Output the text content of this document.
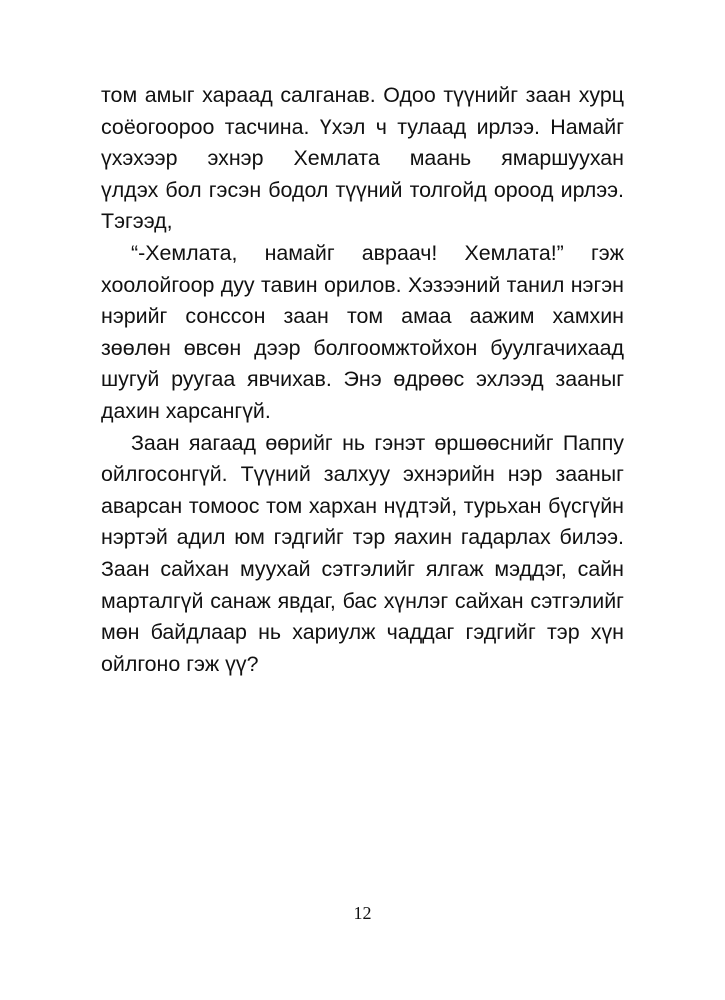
том амыг хараад салганав. Одоо түүнийг заан хурц
соёогоороо тасчина. Үхэл ч тулаад ирлээ. Намайг
үхэхээр эхнэр Хемлата маань ямаршуухан
үлдэх бол гэсэн бодол түүний толгойд ороод ирлээ.
Тэгээд,
“-Хемлата, намайг авраач! Хемлата!” гэж
хоолойгоор дуу тавин орилов. Хэзээний танил нэгэн
нэрийг сонссон заан том амаа аажим хамхин
зөөлөн өвсөн дээр болгоомжтойхон буулгачихаад
шугуй руугаа явчихав. Энэ өдрөөс эхлээд зааныг
дахин харсангүй.
Заан яагаад өөрийг нь гэнэт өршөөснийг Паппу
ойлгосонгүй. Түүний залхуу эхнэрийн нэр зааныг
аварсан томоос том хархан нүдтэй, турьхан бүсгүйн
нэртэй адил юм гэдгийг тэр яахин гадарлах билээ.
Заан сайхан муухай сэтгэлийг ялгаж мэддэг, сайн
марталгүй санаж явдаг, бас хүнлэг сайхан сэтгэлийг
мөн байдлаар нь хариулж чаддаг гэдгийг тэр хүн
ойлгоно гэж үү?
12
